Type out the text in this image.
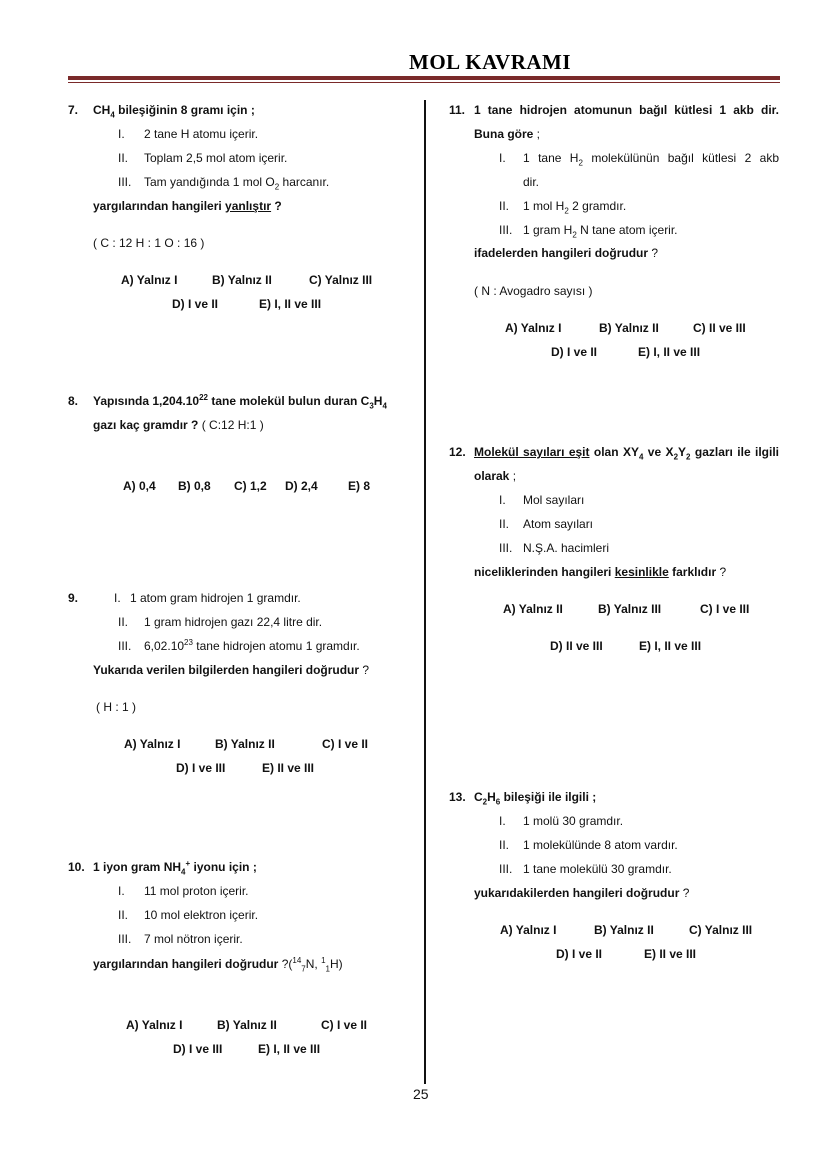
MOL KAVRAMI
7. $CH_4$ bileşiğinin 8 gramı için ;
I. 2 tane H atomu içerir.
II. Toplam 2,5 mol atom içerir.
III. Tam yandığında 1 mol $O_2$ harcanır.
yargılarından hangileri yanlıştır ?
( C : 12 H : 1 O : 16 )
A) Yalnız I	B) Yalnız II	C) Yalnız III
D) I ve II	E) I, II ve III
8. Yapısında 1,204.10$^{22}$ tane molekül bulun duran $C_3H_4$
gazı kaç gramdır ? ( C:12 H:1 )
A) 0,4 B) 0,8 C) 1,2 D) 2,4	E) 8
9.	I. 1 atom gram hidrojen 1 gramdır.
II. 1 gram hidrojen gazı 22,4 litre dir.
III. 6,02.10$^{23}$ tane hidrojen atomu 1 gramdır.
Yukarıda verilen bilgilerden hangileri doğrudur ?
( H : 1 )
A) Yalnız I	B) Yalnız II	C) I ve II
D) I ve III	E) II ve III
10. 1 iyon gram $NH_4^+$ iyonu için ;
I. 11 mol proton içerir.
II. 10 mol elektron içerir.
III. 7 mol nötron içerir.
yargılarından hangileri doğrudur ?($^{14}_7$N, $^1_1$H)
A) Yalnız I	B) Yalnız II	C) I ve II
D) I ve III	E) I, II ve III
11. 1 tane hidrojen atomunun bağıl kütlesi 1 akb dir.
Buna göre ;
I. 1 tane $H_2$ molekülünün bağıl kütlesi 2 akb
dir.
II. 1 mol $H_2$ 2 gramdır.
III. 1 gram $H_2$ N tane atom içerir.
ifadelerden hangileri doğrudur ?
( N : Avogadro sayısı )
A) Yalnız I	B) Yalnız II	C) II ve III
D) I ve II	E) I, II ve III
12. Molekül sayıları eşit olan $XY_4$ ve $X_2Y_2$ gazları ile ilgili
olarak ;
I. Mol sayıları
II. Atom sayıları
III. N.Ş.A. hacimleri
niceliklerinden hangileri kesinlikle farklıdır ?
A) Yalnız II	B) Yalnız III	C) I ve III
D) II ve III	E) I, II ve III
13. $C_2H_6$ bileşiği ile ilgili ;
I. 1 molü 30 gramdır.
II. 1 molekülünde 8 atom vardır.
III. 1 tane molekülü 30 gramdır.
yukarıdakilerden hangileri doğrudur ?
A) Yalnız I	B) Yalnız II	C) Yalnız III
D) I ve II	E) II ve III
25
